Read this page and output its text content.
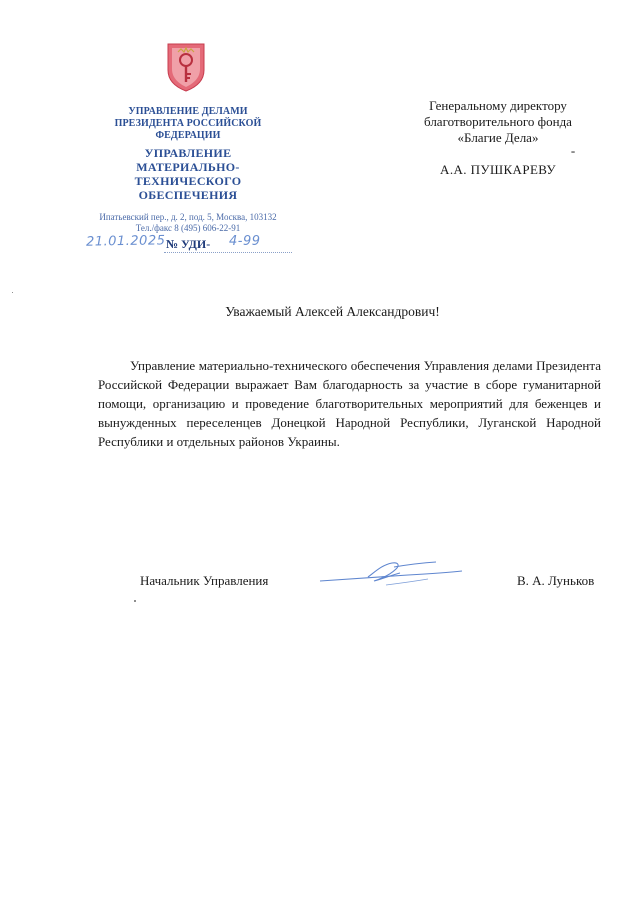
УПРАВЛЕНИЕ ДЕЛАМИ
ПРЕЗИДЕНТА РОССИЙСКОЙ ФЕДЕРАЦИИ
УПРАВЛЕНИЕ
МАТЕРИАЛЬНО-ТЕХНИЧЕСКОГО
ОБЕСПЕЧЕНИЯ
Ипатьевский пер., д. 2, под. 5, Москва, 103132
Тел./факс 8 (495) 606-22-91
21.01.2025 № УДИ- 4-99
Генеральному директору
благотворительного фонда
«Благие Дела»
-
А.А. ПУШКАРЕВУ
Уважаемый Алексей Александрович!
Управление материально-технического обеспечения Управления делами Президента Российской Федерации выражает Вам благодарность за участие в сборе гуманитарной помощи, организацию и проведение благотворительных мероприятий для беженцев и вынужденных переселенцев Донецкой Народной Республики, Луганской Народной Республики и отдельных районов Украины.
Начальник Управления	В. А. Луньков
